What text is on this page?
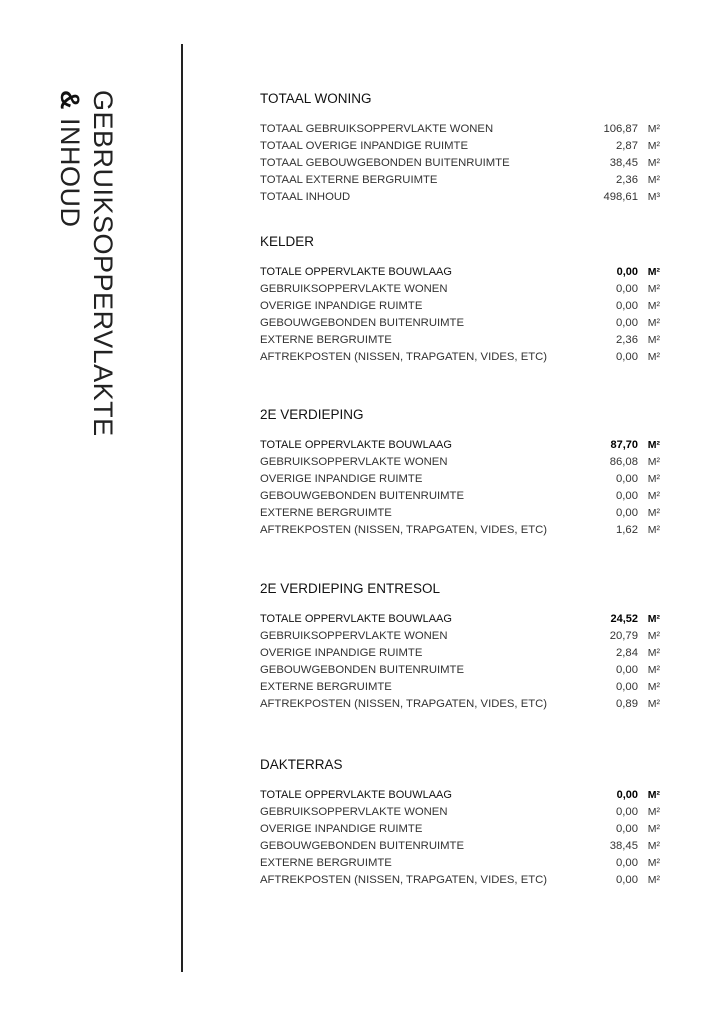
GEBRUIKSOPPERVLAKTE
&INHOUD
TOTAAL WONING
TOTAAL GEBRUIKSOPPERVLAKTE WONEN	106,87 M²
TOTAAL OVERIGE INPANDIGE RUIMTE	2,87 M²
TOTAAL GEBOUWGEBONDEN BUITENRUIMTE	38,45 M²
TOTAAL EXTERNE BERGRUIMTE	2,36 M²
TOTAAL INHOUD	498,61 M³
KELDER
TOTALE OPPERVLAKTE BOUWLAAG	0,00 M²
GEBRUIKSOPPERVLAKTE WONEN	0,00 M²
OVERIGE INPANDIGE RUIMTE	0,00 M²
GEBOUWGEBONDEN BUITENRUIMTE	0,00 M²
EXTERNE BERGRUIMTE	2,36 M²
AFTREKPOSTEN (NISSEN, TRAPGATEN, VIDES, ETC)	0,00 M²
2E VERDIEPING
TOTALE OPPERVLAKTE BOUWLAAG	87,70 M²
GEBRUIKSOPPERVLAKTE WONEN	86,08 M²
OVERIGE INPANDIGE RUIMTE	0,00 M²
GEBOUWGEBONDEN BUITENRUIMTE	0,00 M²
EXTERNE BERGRUIMTE	0,00 M²
AFTREKPOSTEN (NISSEN, TRAPGATEN, VIDES, ETC)	1,62 M²
2E VERDIEPING ENTRESOL
TOTALE OPPERVLAKTE BOUWLAAG	24,52 M²
GEBRUIKSOPPERVLAKTE WONEN	20,79 M²
OVERIGE INPANDIGE RUIMTE	2,84 M²
GEBOUWGEBONDEN BUITENRUIMTE	0,00 M²
EXTERNE BERGRUIMTE	0,00 M²
AFTREKPOSTEN (NISSEN, TRAPGATEN, VIDES, ETC)	0,89 M²
DAKTERRAS
TOTALE OPPERVLAKTE BOUWLAAG	0,00 M²
GEBRUIKSOPPERVLAKTE WONEN	0,00 M²
OVERIGE INPANDIGE RUIMTE	0,00 M²
GEBOUWGEBONDEN BUITENRUIMTE	38,45 M²
EXTERNE BERGRUIMTE	0,00 M²
AFTREKPOSTEN (NISSEN, TRAPGATEN, VIDES, ETC)	0,00 M²
